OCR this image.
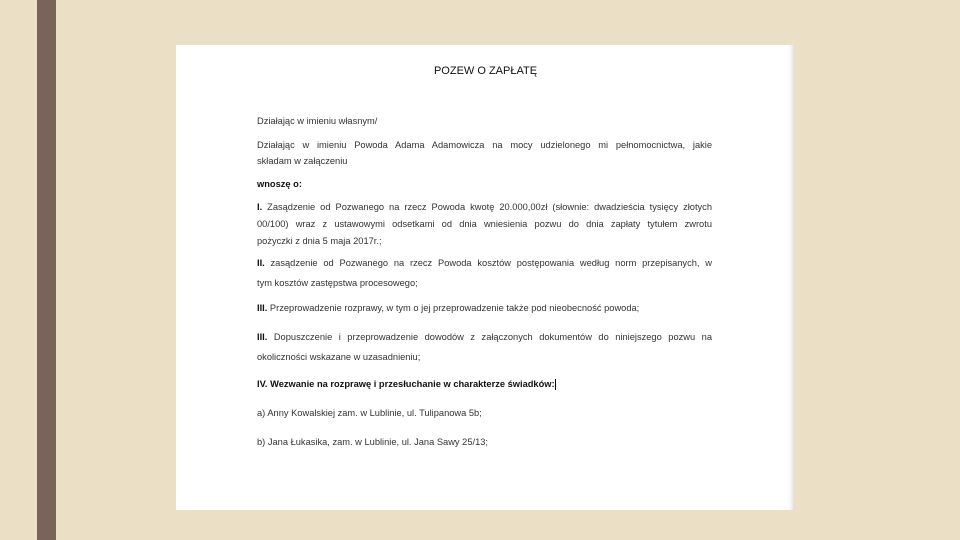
POZEW O ZAPŁATĘ
Działając w imieniu własnym/
Działając w imieniu Powoda Adama Adamowicza na mocy udzielonego mi pełnomocnictwa, jakie
składam w załączeniu
wnoszę o:
I. Zasądzenie od Pozwanego na rzecz Powoda kwotę 20.000,00zł (słownie: dwadzieścia tysięcy złotych
00/100) wraz z ustawowymi odsetkami od dnia wniesienia pozwu do dnia zapłaty tytułem zwrotu
pożyczki z dnia 5 maja 2017r.;
II. zasądzenie od Pozwanego na rzecz Powoda kosztów postępowania według norm przepisanych, w
tym kosztów zastępstwa procesowego;
III. Przeprowadzenie rozprawy, w tym o jej przeprowadzenie także pod nieobecność powoda;
III. Dopuszczenie i przeprowadzenie dowodów z załączonych dokumentów do niniejszego pozwu na
okoliczności wskazane w uzasadnieniu;
IV. Wezwanie na rozprawę i przesłuchanie w charakterze świadków:
a) Anny Kowalskiej zam. w Lublinie, ul. Tulipanowa 5b;
b) Jana Łukasika, zam. w Lublinie, ul. Jana Sawy 25/13;
